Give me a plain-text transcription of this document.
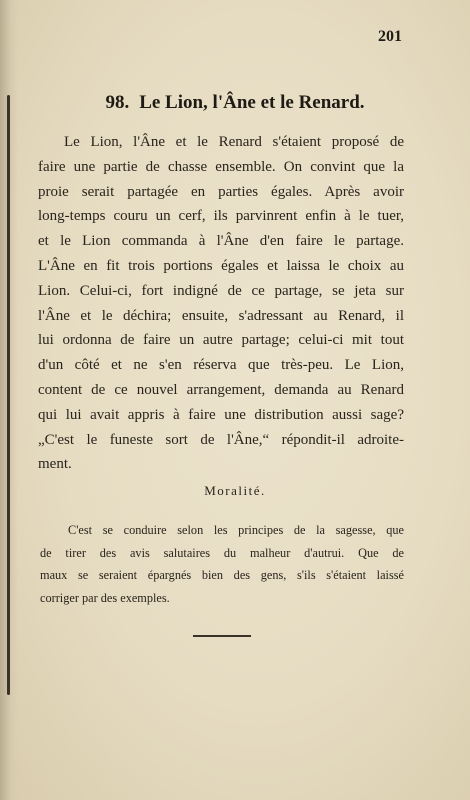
201
98. Le Lion, l'Âne et le Renard.
Le Lion, l'Âne et le Renard s'étaient proposé de
faire une partie de chasse ensemble. On convint que la
proie serait partagée en parties égales. Après avoir
long-temps couru un cerf, ils parvinrent enfin à le tuer,
et le Lion commanda à l'Âne d'en faire le partage.
L'Âne en fit trois portions égales et laissa le choix au
Lion. Celui-ci, fort indigné de ce partage, se jeta sur
l'Âne et le déchira; ensuite, s'adressant au Renard, il
lui ordonna de faire un autre partage; celui-ci mit tout
d'un côté et ne s'en réserva que très-peu. Le Lion,
content de ce nouvel arrangement, demanda au Renard
qui lui avait appris à faire une distribution aussi sage?
„C'est le funeste sort de l'Âne,“ répondit-il adroite-
ment.
Moralité.
C'est se conduire selon les principes de la sagesse, que
de tirer des avis salutaires du malheur d'autrui. Que de
maux se seraient épargnés bien des gens, s'ils s'étaient laissé
corriger par des exemples.
